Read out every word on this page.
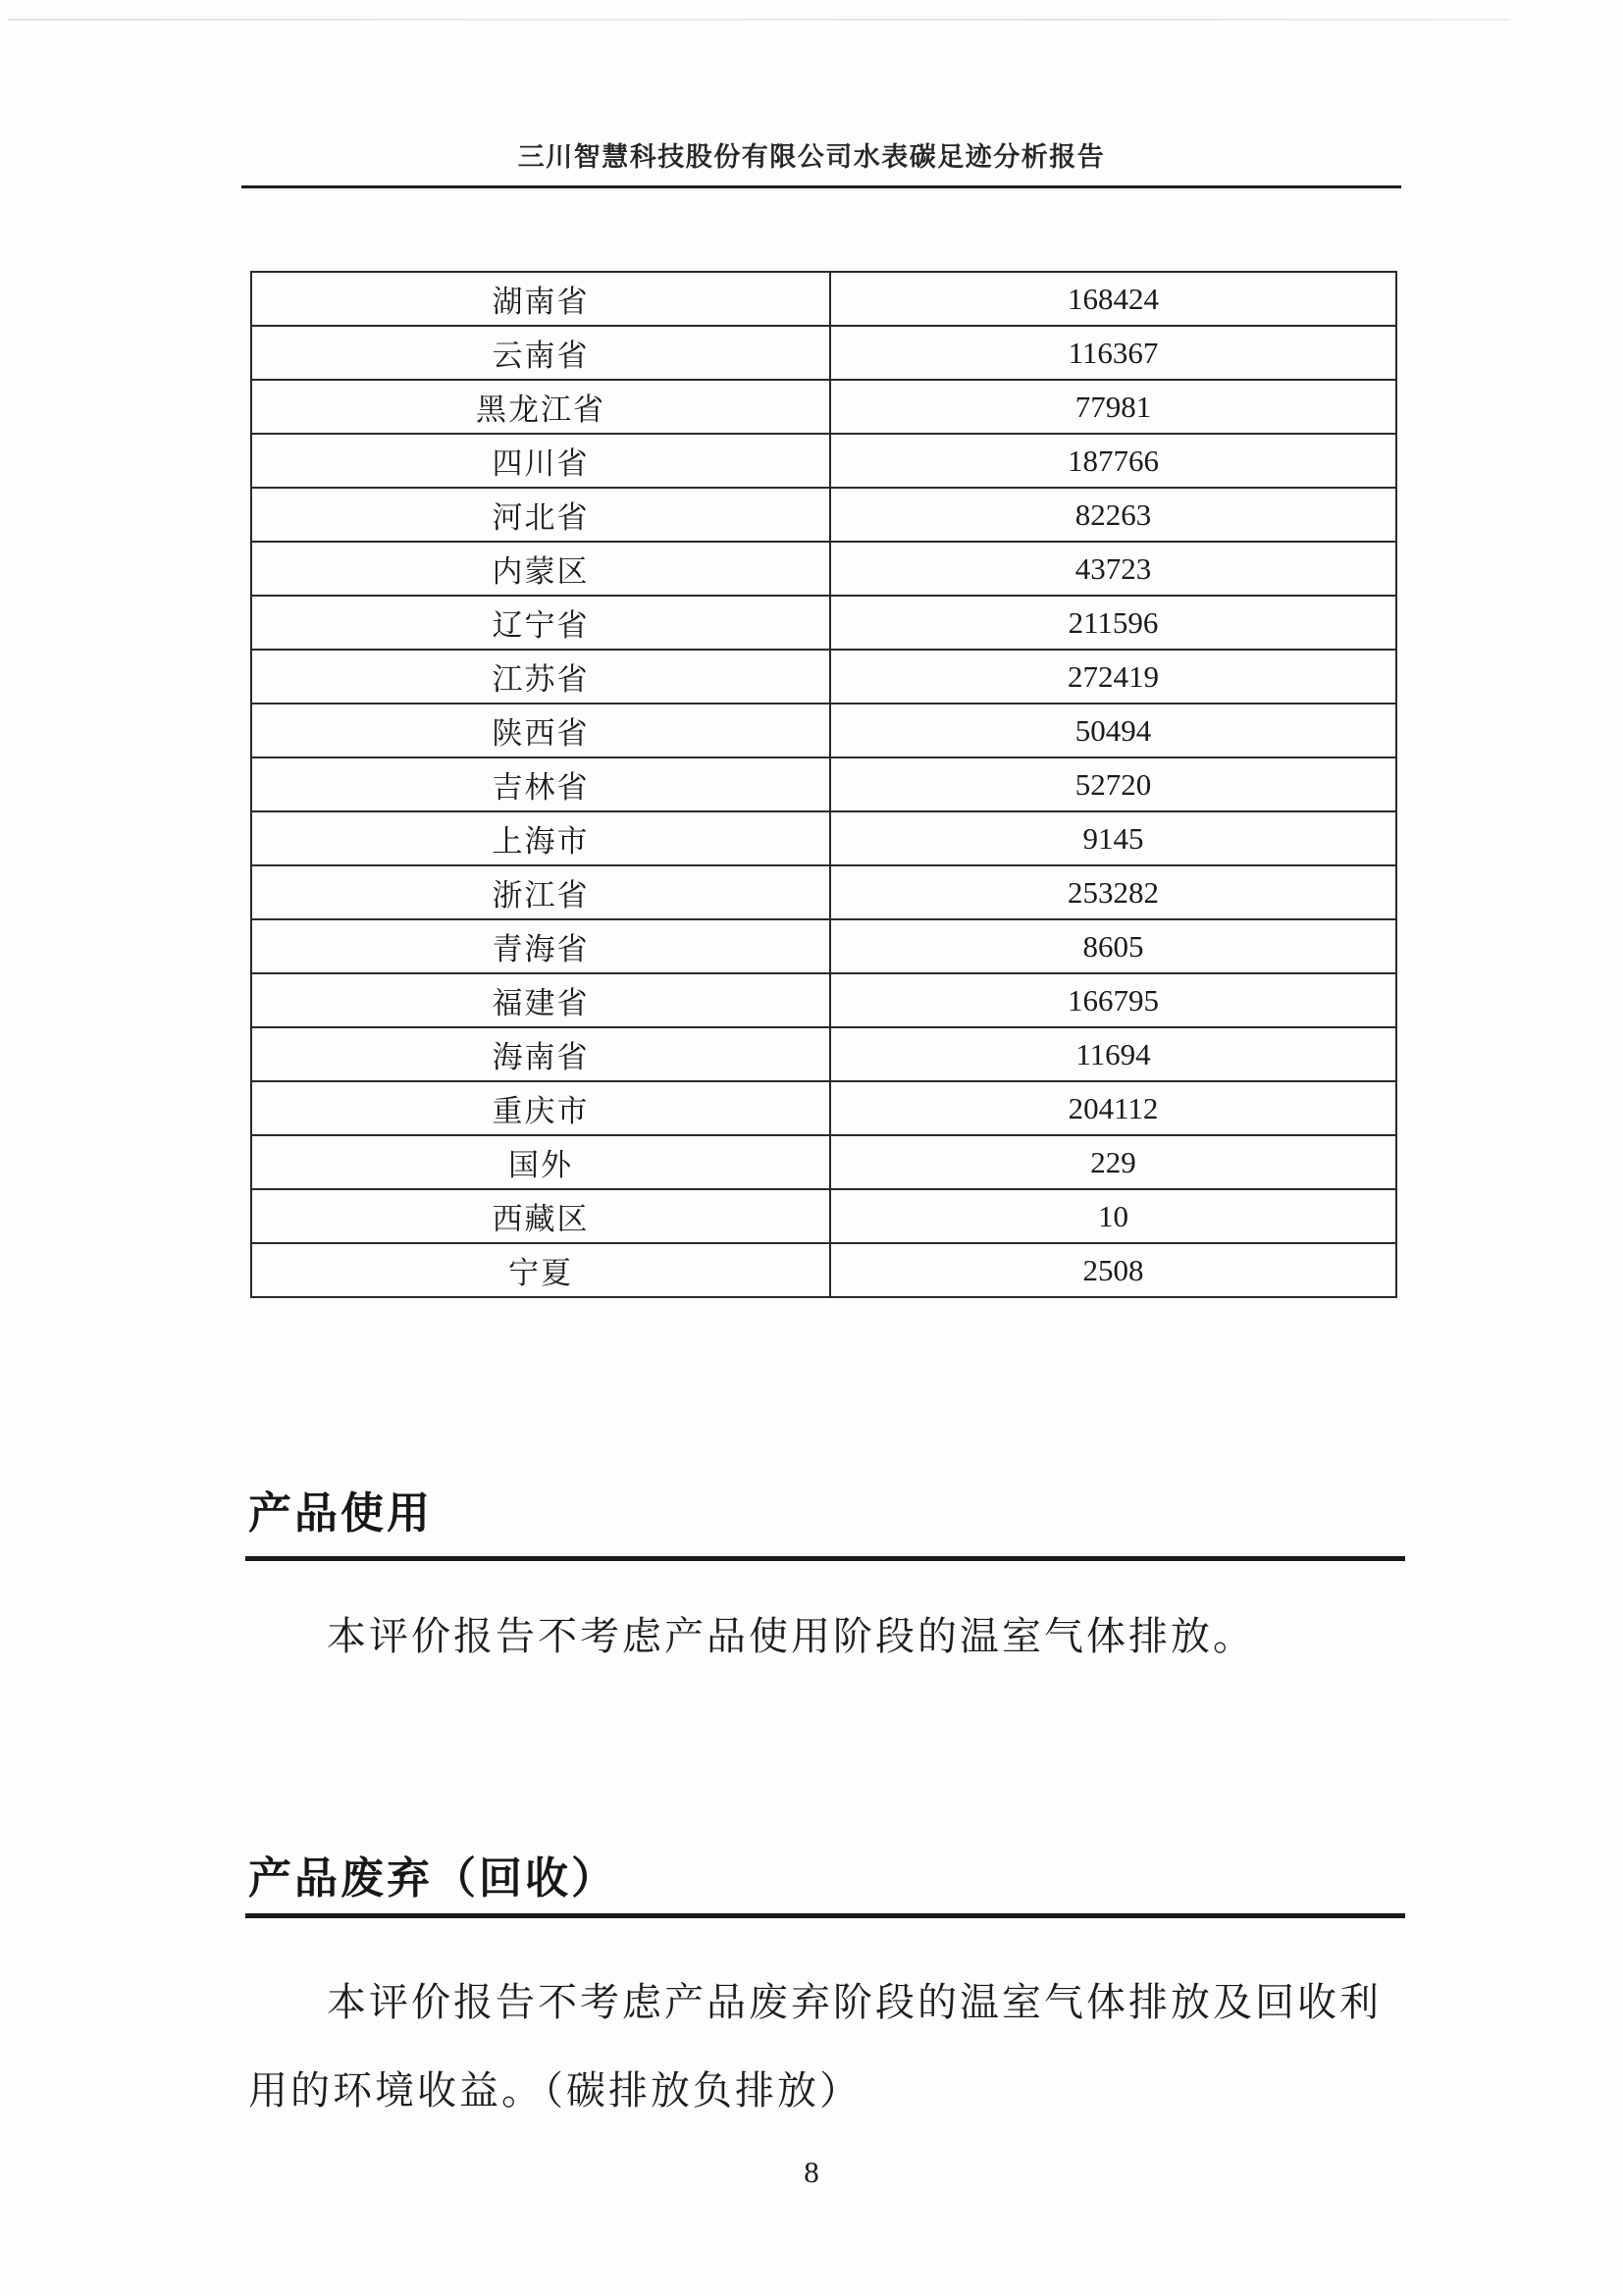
三川智慧科技股份有限公司水表碳足迹分析报告
湖南省	168424
云南省	116367
黑龙江省	77981
四川省	187766
河北省	82263
内蒙区	43723
辽宁省	211596
江苏省	272419
陕西省	50494
吉林省	52720
上海市	9145
浙江省	253282
青海省	8605
福建省	166795
海南省	11694
重庆市	204112
国外	229
西藏区	10
宁夏	2508
产品使用
本评价报告不考虑产品使用阶段的温室气体排放。
产品废弃（回收）
本评价报告不考虑产品废弃阶段的温室气体排放及回收利用的环境收益。（碳排放负排放）
8
